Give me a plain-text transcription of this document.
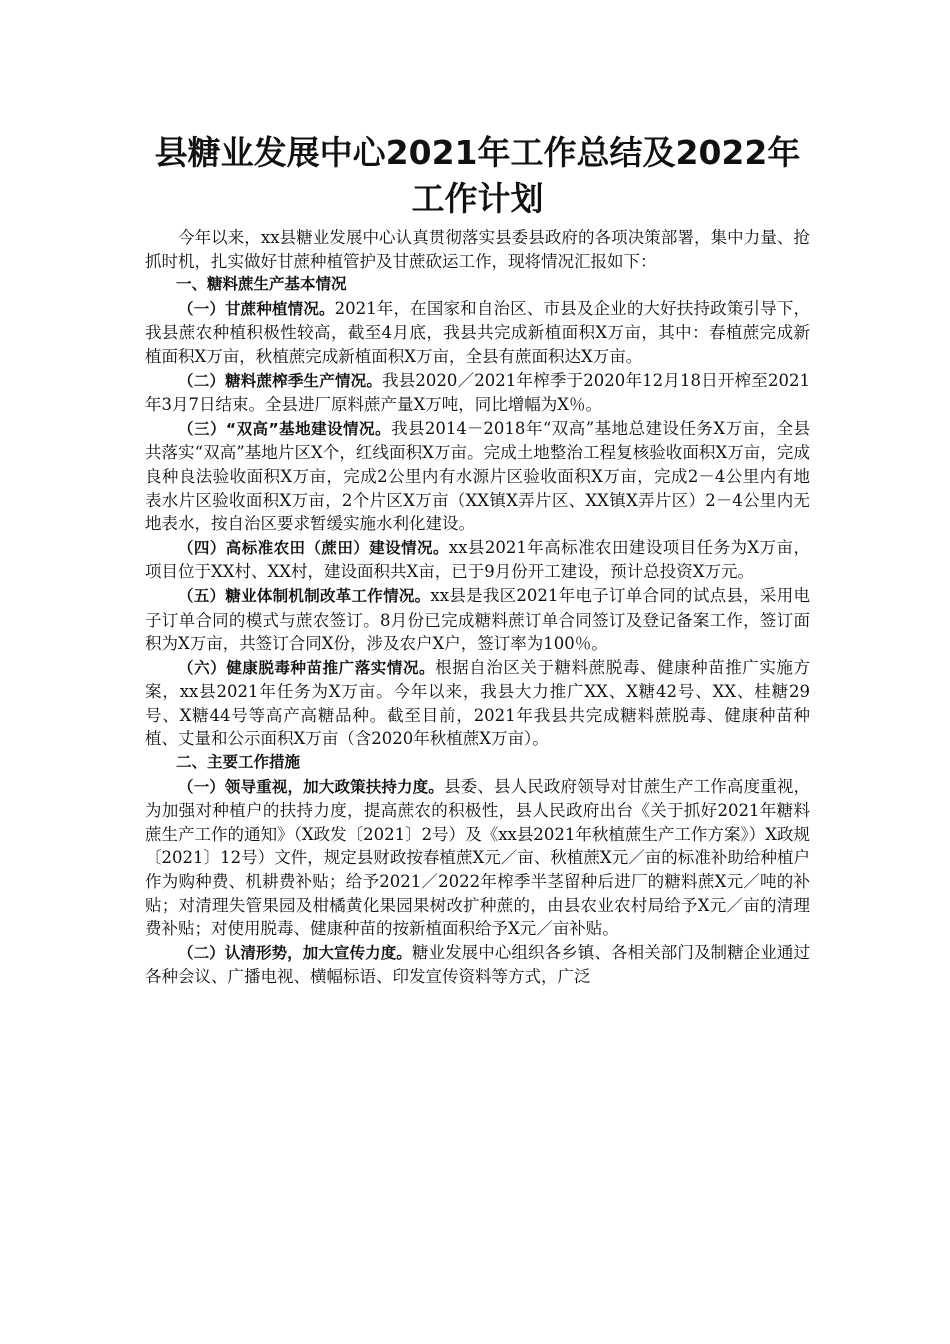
县糖业发展中心2021年工作总结及2022年
工作计划

今年以来，xx县糖业发展中心认真贯彻落实县委县政府的各项决策部署，集中力量、抢抓时机，扎实做好甘蔗种植管护及甘蔗砍运工作，现将情况汇报如下：

一、糖料蔗生产基本情况

（一）甘蔗种植情况。2021年，在国家和自治区、市县及企业的大好扶持政策引导下，我县蔗农种植积极性较高，截至4月底，我县共完成新植面积X万亩，其中：春植蔗完成新植面积X万亩，秋植蔗完成新植面积X万亩，全县有蔗面积达X万亩。

（二）糖料蔗榨季生产情况。我县2020／2021年榨季于2020年12月18日开榨至2021年3月7日结束。全县进厂原料蔗产量X万吨，同比增幅为X％。

（三）“双高”基地建设情况。我县2014－2018年“双高”基地总建设任务X万亩，全县共落实“双高”基地片区X个，红线面积X万亩。完成土地整治工程复核验收面积X万亩，完成良种良法验收面积X万亩，完成2公里内有水源片区验收面积X万亩，完成2－4公里内有地表水片区验收面积X万亩，2个片区X万亩（XX镇X弄片区、XX镇X弄片区）2－4公里内无地表水，按自治区要求暂缓实施水利化建设。

（四）高标准农田（蔗田）建设情况。xx县2021年高标准农田建设项目任务为X万亩，项目位于XX村、XX村，建设面积共X亩，已于9月份开工建设，预计总投资X万元。

（五）糖业体制机制改革工作情况。xx县是我区2021年电子订单合同的试点县，采用电子订单合同的模式与蔗农签订。8月份已完成糖料蔗订单合同签订及登记备案工作，签订面积为X万亩，共签订合同X份，涉及农户X户，签订率为100％。

（六）健康脱毒种苗推广落实情况。根据自治区关于糖料蔗脱毒、健康种苗推广实施方案，xx县2021年任务为X万亩。今年以来，我县大力推广XX、X糖42号、XX、桂糖29号、X糖44号等高产高糖品种。截至目前，2021年我县共完成糖料蔗脱毒、健康种苗种植、丈量和公示面积X万亩（含2020年秋植蔗X万亩）。

二、主要工作措施

（一）领导重视，加大政策扶持力度。县委、县人民政府领导对甘蔗生产工作高度重视，为加强对种植户的扶持力度，提高蔗农的积极性，县人民政府出台《关于抓好2021年糖料蔗生产工作的通知》（X政发〔2021〕2号）及《xx县2021年秋植蔗生产工作方案》）X政规〔2021〕12号）文件，规定县财政按春植蔗X元／亩、秋植蔗X元／亩的标准补助给种植户作为购种费、机耕费补贴；给予2021／2022年榨季半茎留种后进厂的糖料蔗X元／吨的补贴；对清理失管果园及柑橘黄化果园果树改扩种蔗的，由县农业农村局给予X元／亩的清理费补贴；对使用脱毒、健康种苗的按新植面积给予X元／亩补贴。

（二）认清形势，加大宣传力度。糖业发展中心组织各乡镇、各相关部门及制糖企业通过各种会议、广播电视、横幅标语、印发宣传资料等方式，广泛
